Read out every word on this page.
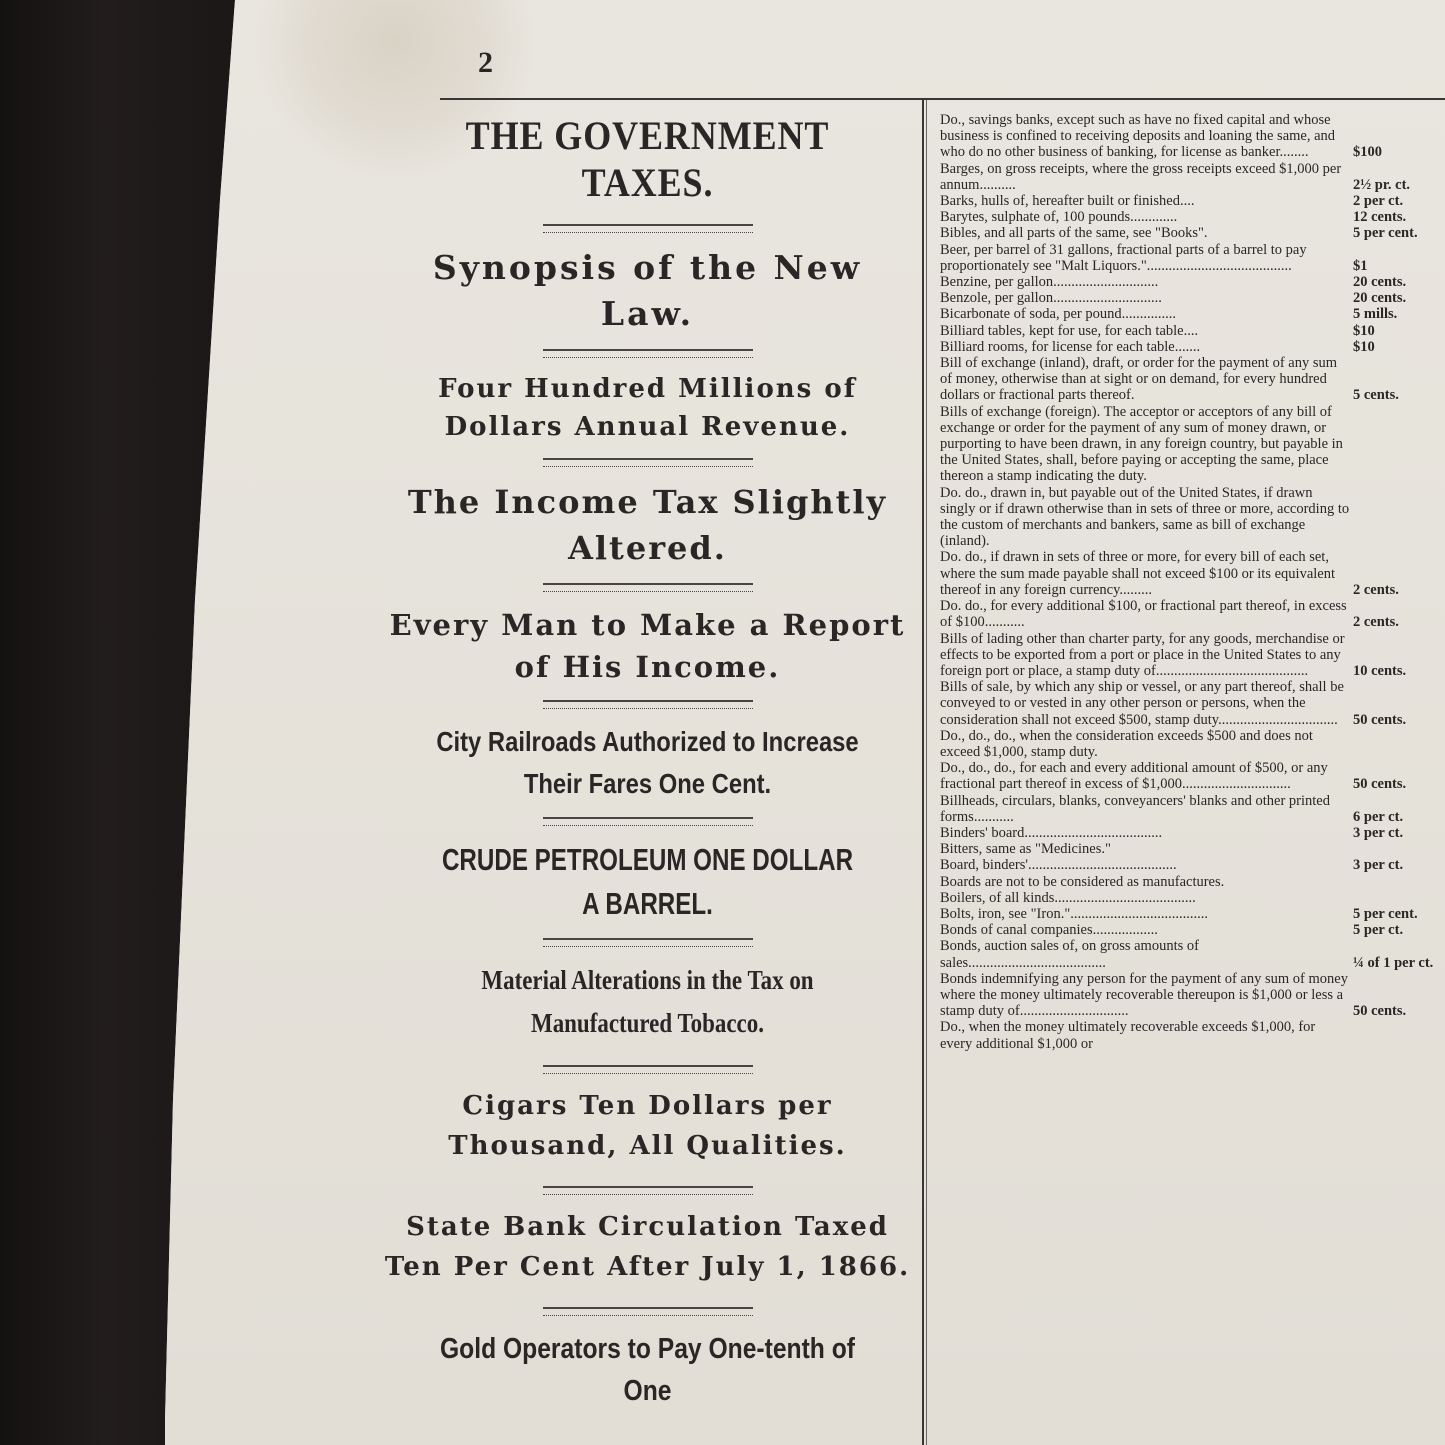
2

THE GOVERNMENT TAXES.

Synopsis of the New Law.

Four Hundred Millions of Dollars Annual Revenue.

The Income Tax Slightly Altered.

Every Man to Make a Report of His Income.

City Railroads Authorized to Increase Their Fares One Cent.

CRUDE PETROLEUM ONE DOLLAR A BARREL.

Material Alterations in the Tax on Manufactured Tobacco.

Cigars Ten Dollars per Thousand, All Qualities.

State Bank Circulation Taxed Ten Per Cent After July 1, 1866.

Gold Operators to Pay One-tenth of One

Do., savings banks, except such as have no fixed capital and whose business is confined to receiving deposits and loaning the same, and who do no other business of banking, for license as banker........	$100
Barges, on gross receipts, where the gross receipts exceed $1,000 per annum..........	2½ pr. ct.
Barks, hulls of, hereafter built or finished....	2 per ct.
Barytes, sulphate of, 100 pounds.............	12 cents.
Bibles, and all parts of the same, see "Books".	5 per cent.
Beer, per barrel of 31 gallons, fractional parts of a barrel to pay proportionately see "Malt Liquors."........................................	$1
Benzine, per gallon.............................	20 cents.
Benzole, per gallon..............................	20 cents.
Bicarbonate of soda, per pound...............	5 mills.
Billiard tables, kept for use, for each table....	$10
Billiard rooms, for license for each table.......	$10
Bill of exchange (inland), draft, or order for the payment of any sum of money, otherwise than at sight or on demand, for every hundred dollars or fractional parts thereof.	5 cents.
Bills of exchange (foreign). The acceptor or acceptors of any bill of exchange or order for the payment of any sum of money drawn, or purporting to have been drawn, in any foreign country, but payable in the United States, shall, before paying or accepting the same, place thereon a stamp indicating the duty.
Do. do., drawn in, but payable out of the United States, if drawn singly or if drawn otherwise than in sets of three or more, according to the custom of merchants and bankers, same as bill of exchange (inland).
Do. do., if drawn in sets of three or more, for every bill of each set, where the sum made payable shall not exceed $100 or its equivalent thereof in any foreign currency.........	2 cents.
Do. do., for every additional $100, or fractional part thereof, in excess of $100...........	2 cents.
Bills of lading other than charter party, for any goods, merchandise or effects to be exported from a port or place in the United States to any foreign port or place, a stamp duty of..........................................	10 cents.
Bills of sale, by which any ship or vessel, or any part thereof, shall be conveyed to or vested in any other person or persons, when the consideration shall not exceed $500, stamp duty.................................	50 cents.
Do., do., do., when the consideration exceeds $500 and does not exceed $1,000, stamp duty.
Do., do., do., for each and every additional amount of $500, or any fractional part thereof in excess of $1,000..............................	50 cents.
Billheads, circulars, blanks, conveyancers' blanks and other printed forms...........	6 per ct.
Binders' board......................................	3 per ct.
Bitters, same as "Medicines."
Board, binders'.........................................	3 per ct.
Boards are not to be considered as manufactures.
Boilers, of all kinds.......................................
Bolts, iron, see "Iron."......................................	5 per cent.
Bonds of canal companies..................	5 per ct.
Bonds, auction sales of, on gross amounts of sales......................................	¼ of 1 per ct.
Bonds indemnifying any person for the payment of any sum of money where the money ultimately recoverable thereupon is $1,000 or less a stamp duty of..............................	50 cents.
Do., when the money ultimately recoverable exceeds $1,000, for every additional $1,000 or
